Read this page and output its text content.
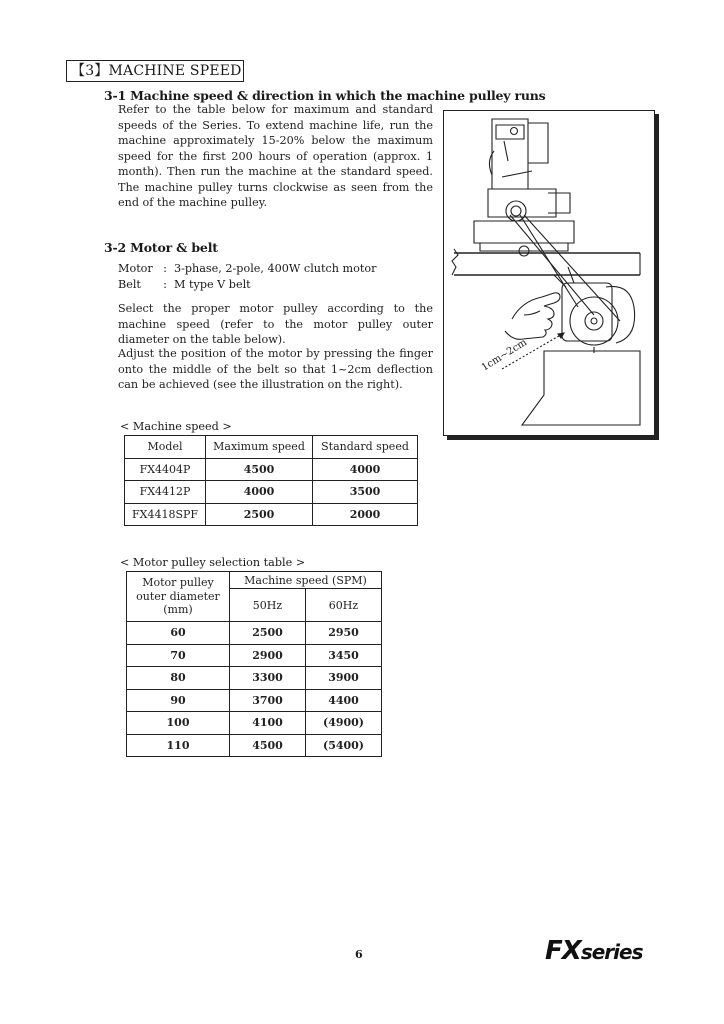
【3】MACHINE SPEED
3-1 Machine speed & direction in which the machine pulley runs
Refer to the table below for maximum and standard speeds of the Series. To extend machine life, run the machine approximately 15-20% below the maximum speed for the first 200 hours of operation (approx. 1 month). Then run the machine at the standard speed. The machine pulley turns clockwise as seen from the end of the machine pulley.
3-2 Motor & belt
Motor : 3-phase, 2-pole, 400W clutch motor
Belt	: M type V belt
Select the proper motor pulley according to the machine speed (refer to the motor pulley outer diameter on the table below).
Adjust the position of the motor by pressing the finger onto the middle of the belt so that 1~2cm deflection can be achieved (see the illustration on the right).
1cm~2cm
< Machine speed >
Model	Maximum speed	Standard speed
FX4404P	4500	4000
FX4412P	4000	3500
FX4418SPF	2500	2000
< Motor pulley selection table >
Motor pulley outer diameter (mm)	Machine speed (SPM)	
	50Hz	60Hz
60	2500	2950
70	2900	3450
80	3300	3900
90	3700	4400
100	4100	(4900)
110	4500	(5400)
6	FXseries
